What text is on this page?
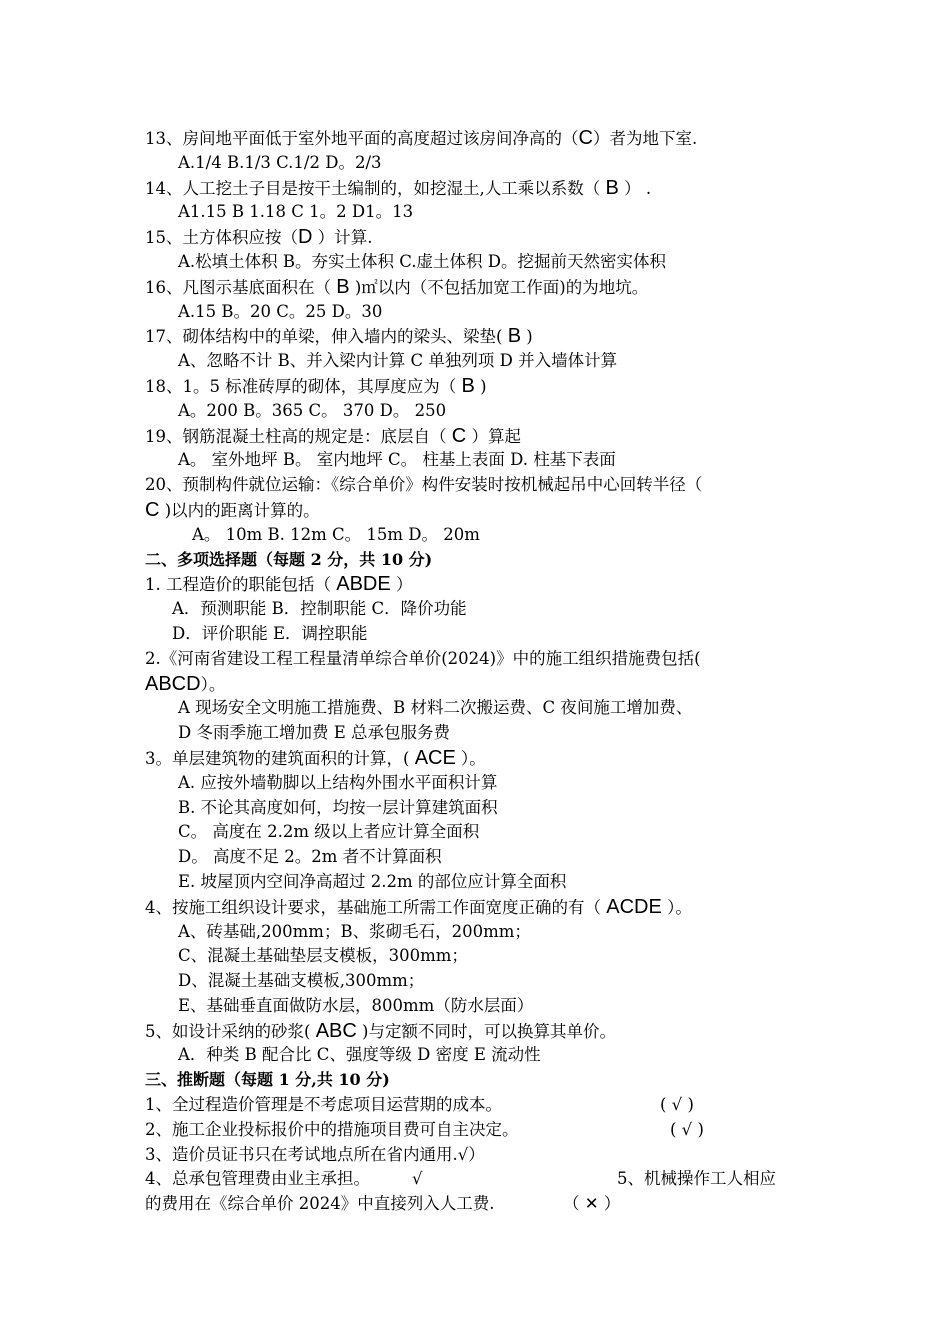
13、房间地平面低于室外地平面的高度超过该房间净高的（C）者为地下室.
A.1/4 B.1/3 C.1/2 D。2/3
14、人工挖土子目是按干土编制的，如挖湿土,人工乘以系数（ B ） .
A1.15 B 1.18 C 1。2 D1。13
15、土方体积应按（D ）计算.
A.松填土体积 B。夯实土体积 C.虚土体积 D。挖掘前天然密实体积
16、凡图示基底面积在（ B )㎡以内（不包括加宽工作面)的为地坑。
A.15 B。20 C。25 D。30
17、砌体结构中的单梁，伸入墙内的梁头、梁垫( B )
A、忽略不计 B、并入梁内计算 C 单独列项 D 并入墙体计算
18、1。5 标准砖厚的砌体，其厚度应为（ B )
A。200 B。365 C。 370 D。 250
19、钢筋混凝土柱高的规定是：底层自（ C ）算起
A。 室外地坪 B。 室内地坪 C。 柱基上表面 D. 柱基下表面
20、预制构件就位运输：《综合单价》构件安装时按机械起吊中心回转半径（
C )以内的距离计算的。
A。 10m B. 12m C。 15m D。 20m
二、多项选择题（每题 2 分，共 10 分)
1. 工程造价的职能包括（ ABDE ）
A．预测职能 B．控制职能 C．降价功能
D．评价职能 E．调控职能
2.《河南省建设工程工程量清单综合单价(2024)》中的施工组织措施费包括(
ABCD）。
A 现场安全文明施工措施费、B 材料二次搬运费、C 夜间施工增加费、
D 冬雨季施工增加费 E 总承包服务费
3。单层建筑物的建筑面积的计算，( ACE ）。
A. 应按外墙勒脚以上结构外围水平面积计算
B. 不论其高度如何，均按一层计算建筑面积
C。 高度在 2.2m 级以上者应计算全面积
D。 高度不足 2。2m 者不计算面积
E. 坡屋顶内空间净高超过 2.2m 的部位应计算全面积
4、按施工组织设计要求，基础施工所需工作面宽度正确的有（ ACDE ）。
A、砖基础,200mm；B、浆砌毛石，200mm；
C、混凝土基础垫层支模板，300mm；
D、混凝土基础支模板,300mm；
E、基础垂直面做防水层，800mm（防水层面）
5、如设计采纳的砂浆( ABC )与定额不同时，可以换算其单价。
A．种类 B 配合比 C、强度等级 D 密度 E 流动性
三、推断题（每题 1 分,共 10 分)
1、全过程造价管理是不考虑项目运营期的成本。	( √ )
2、施工企业投标报价中的措施项目费可自主决定。	( √ )
3、造价员证书只在考试地点所在省内通用.√）
4、总承包管理费由业主承担。	√	5、机械操作工人相应
的费用在《综合单价 2024》中直接列入人工费.	（ ✕ ）
